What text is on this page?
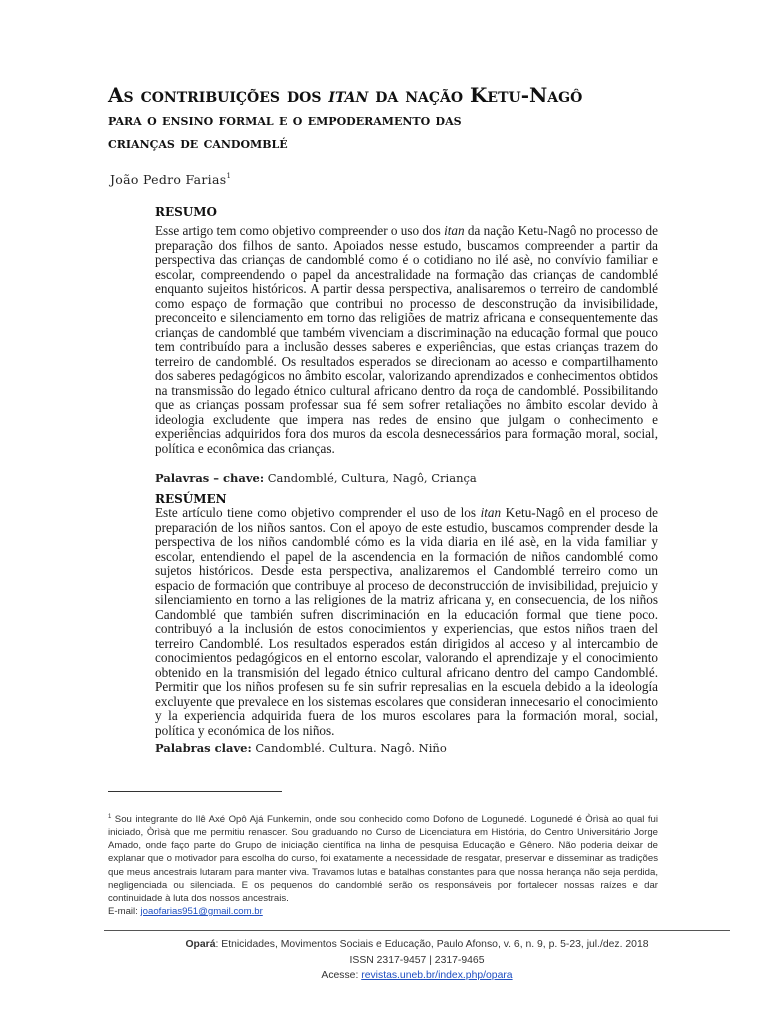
As contribuições dos itan da nação Ketu-Nagô
para o ensino formal e o empoderamento das
crianças de candomblé
João Pedro Farias$^1$
RESUMO
Esse artigo tem como objetivo compreender o uso dos itan da nação Ketu-Nagô no processo de preparação dos filhos de santo. Apoiados nesse estudo, buscamos compreender a partir da perspectiva das crianças de candomblé como é o cotidiano no ilé asè, no convívio familiar e escolar, compreendendo o papel da ancestralidade na formação das crianças de candomblé enquanto sujeitos históricos. A partir dessa perspectiva, analisaremos o terreiro de candomblé como espaço de formação que contribui no processo de desconstrução da invisibilidade, preconceito e silenciamento em torno das religiões de matriz africana e consequentemente das crianças de candomblé que também vivenciam a discriminação na educação formal que pouco tem contribuído para a inclusão desses saberes e experiências, que estas crianças trazem do terreiro de candomblé. Os resultados esperados se direcionam ao acesso e compartilhamento dos saberes pedagógicos no âmbito escolar, valorizando aprendizados e conhecimentos obtidos na transmissão do legado étnico cultural africano dentro da roça de candomblé. Possibilitando que as crianças possam professar sua fé sem sofrer retaliações no âmbito escolar devido à ideologia excludente que impera nas redes de ensino que julgam o conhecimento e experiências adquiridos fora dos muros da escola desnecessários para formação moral, social, política e econômica das crianças.
Palavras – chave: Candomblé, Cultura, Nagô, Criança
RESÚMEN
Este artículo tiene como objetivo comprender el uso de los itan Ketu-Nagô en el proceso de preparación de los niños santos. Con el apoyo de este estudio, buscamos comprender desde la perspectiva de los niños candomblé cómo es la vida diaria en ilé asè, en la vida familiar y escolar, entendiendo el papel de la ascendencia en la formación de niños candomblé como sujetos históricos. Desde esta perspectiva, analizaremos el Candomblé terreiro como un espacio de formación que contribuye al proceso de deconstrucción de invisibilidad, prejuicio y silenciamiento en torno a las religiones de la matriz africana y, en consecuencia, de los niños Candomblé que también sufren discriminación en la educación formal que tiene poco. contribuyó a la inclusión de estos conocimientos y experiencias, que estos niños traen del terreiro Candomblé. Los resultados esperados están dirigidos al acceso y al intercambio de conocimientos pedagógicos en el entorno escolar, valorando el aprendizaje y el conocimiento obtenido en la transmisión del legado étnico cultural africano dentro del campo Candomblé. Permitir que los niños profesen su fe sin sufrir represalias en la escuela debido a la ideología excluyente que prevalece en los sistemas escolares que consideran innecesario el conocimiento y la experiencia adquirida fuera de los muros escolares para la formación moral, social, política y económica de los niños.
Palabras clave: Candomblé. Cultura. Nagô. Niño
$^1$ Sou integrante do Ilê Axé Opô Ajá Funkemin, onde sou conhecido como Dofono de Logunedé. Logunedé é Òrìsà ao qual fui iniciado, Òrìsà que me permitiu renascer. Sou graduando no Curso de Licenciatura em História, do Centro Universitário Jorge Amado, onde faço parte do Grupo de iniciação científica na linha de pesquisa Educação e Gênero. Não poderia deixar de explanar que o motivador para escolha do curso, foi exatamente a necessidade de resgatar, preservar e disseminar as tradições que meus ancestrais lutaram para manter viva. Travamos lutas e batalhas constantes para que nossa herança não seja perdida, negligenciada ou silenciada. E os pequenos do candomblé serão os responsáveis por fortalecer nossas raízes e dar continuidade à luta dos nossos ancestrais.
E-mail: joaofarias951@gmail.com.br
Opará: Etnicidades, Movimentos Sociais e Educação, Paulo Afonso, v. 6, n. 9, p. 5-23, jul./dez. 2018
ISSN 2317-9457 | 2317-9465
Acesse: revistas.uneb.br/index.php/opara
